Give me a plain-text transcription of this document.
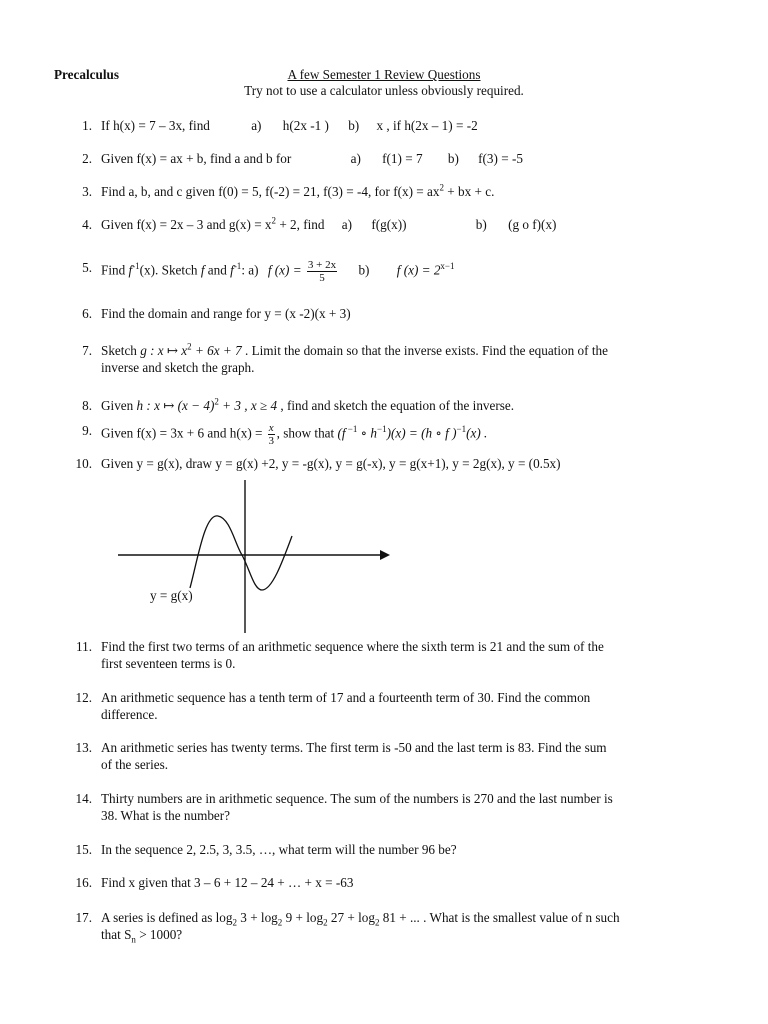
Precalculus	A few Semester 1 Review Questions
Try not to use a calculator unless obviously required.
1. If h(x) = 7 – 3x, find	a) h(2x -1 ) b) x , if h(2x – 1) = -2
2. Given f(x) = ax + b, find a and b for	a) f(1) = 7 b) f(3) = -5
3. Find a, b, and c given f(0) = 5, f(-2) = 21, f(3) = -4, for $f(x) = ax^2$ + bx + c.
4. Given f(x) = 2x – 3 and $g(x) = x^2 + 2$, find a) f(g(x))	b) (g o f)(x)
5. Find $f^{-1}(x)$. Sketch f and $f^{-1}$: a) f $(x) = \frac{3 + 2x}{5} b$) f $(x) = 2^{x-1}$
6. Find the domain and range for y = (x -2)(x + 3)
7. Sketch g : x ↦ $x^2 + 6x + 7$ . Limit the domain so that the inverse exists. Find the equation of the
inverse and sketch the graph.
8. Given h : x ↦ $(x - 4)^2 + 3$ , x ≥ 4 , find and sketch the equation of the inverse.
9. Given f(x) = 3x + 6 and $h(x) = \frac{x}{3}$ , show that (f $^{-1}$ ∘ $h^{-1})(x) = (h$ ∘ f )$^{-1}$(x) .
10. Given y = g(x), draw y = g(x) +2, y = -g(x), y = g(-x), y = g(x+1), y = 2g(x), y = (0.5x)
y = g(x)
11. Find the first two terms of an arithmetic sequence where the sixth term is 21 and the sum of the
first seventeen terms is 0.
12. An arithmetic sequence has a tenth term of 17 and a fourteenth term of 30. Find the common
difference.
13. An arithmetic series has twenty terms. The first term is -50 and the last term is 83. Find the sum
of the series.
14. Thirty numbers are in arithmetic sequence. The sum of the numbers is 270 and the last number is
38. What is the number?
15. In the sequence 2, 2.5, 3, 3.5, …, what term will the number 96 be?
16. Find x given that 3 – 6 + 12 – 24 + … + x = -63
17. A series is defined as $\log_2 3 + \log_2 9 + \log_2 27 + \log_2 81$ + ... . What is the smallest value of n such
that $S_n > 1000$?
